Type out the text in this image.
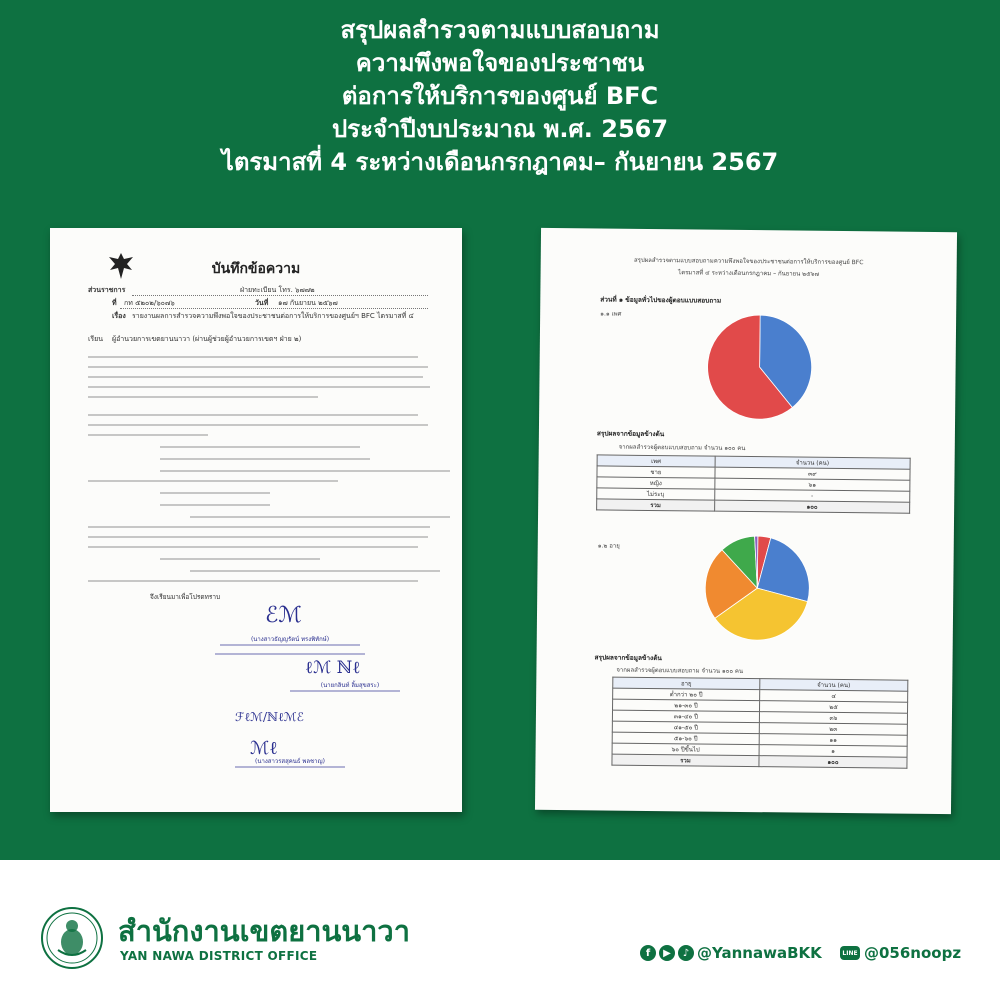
สรุปผลสำรวจตามแบบสอบถาม
ความพึงพอใจของประชาชน
ต่อการให้บริการของศูนย์ BFC
ประจำปีงบประมาณ พ.ศ. 2567
ไตรมาสที่ 4 ระหว่างเดือนกรกฎาคม– กันยายน 2567
บันทึกข้อความ
ส่วนราชการ	ฝ่ายทะเบียน โทร. ๖๗๗๒
ที่ กท ๕๒๐๒/๖๐๗๖	วันที่ ๑๗ กันยายน ๒๕๖๗
เรื่อง รายงานผลการสำรวจความพึงพอใจของประชาชนต่อการให้บริการของศูนย์ฯ BFC ไตรมาสที่ ๔
เรียน ผู้อำนวยการเขตยานนาวา (ผ่านผู้ช่วยผู้อำนวยการเขตฯ ฝ่าย ๒)
จึงเรียนมาเพื่อโปรดทราบ
ℰℳ
(นางสาวธัญญรัตน์ ทรงพิทักษ์)
ℓℳ ℕℓ
(นายกลินท์ ลิ้มสุขสระ)
ℱℓℳ/ℕℓℳℰ
ℳℓ
(นางสาวรสสุคนธ์ พลชาญ)
สรุปผลสำรวจตามแบบสอบถามความพึงพอใจของประชาชนต่อการให้บริการของศูนย์ BFC
ไตรมาสที่ ๔ ระหว่างเดือนกรกฎาคม – กันยายน ๒๕๖๗
ส่วนที่ ๑ ข้อมูลทั่วไปของผู้ตอบแบบสอบถาม
๑.๑ เพศ
สรุปผลจากข้อมูลข้างต้น
จากผลสำรวจผู้ตอบแบบสอบถาม จำนวน ๑๐๐ คน
เพศ	จำนวน (คน)
ชาย	๓๙
หญิง	๖๑
ไม่ระบุ	-
รวม	๑๐๐
๑.๒ อายุ
สรุปผลจากข้อมูลข้างต้น
จากผลสำรวจผู้ตอบแบบสอบถาม จำนวน ๑๐๐ คน
อายุ	จำนวน (คน)
ต่ำกว่า ๒๐ ปี	๔
๒๑-๓๐ ปี	๒๕
๓๑-๔๐ ปี	๓๖
๔๑-๕๐ ปี	๒๓
๕๑-๖๐ ปี	๑๑
๖๐ ปีขึ้นไป	๑
รวม	๑๐๐
สำนักงานเขตยานนาวา
YAN NAWA DISTRICT OFFICE	f	▶	♪ @YannawaBKK	LINE @056noopz
